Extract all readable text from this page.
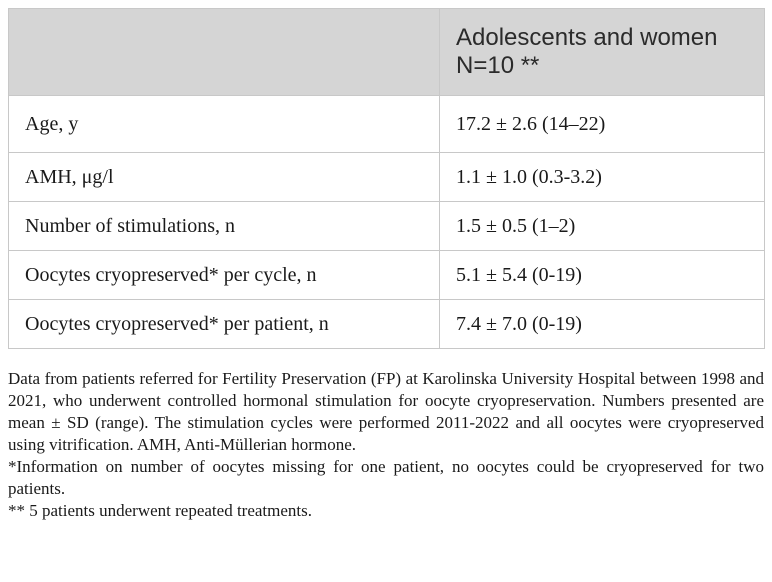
	Adolescents and women
N=10 **

Age, y	17.2 ± 2.6 (14–22)
AMH, μg/l	1.1 ± 1.0 (0.3-3.2)
Number of stimulations, n	1.5 ± 0.5 (1–2)
Oocytes cryopreserved* per cycle, n	5.1 ± 5.4 (0-19)
Oocytes cryopreserved* per patient, n	7.4 ± 7.0 (0-19)

Data from patients referred for Fertility Preservation (FP) at Karolinska University Hospital between 1998 and 2021, who underwent controlled hormonal stimulation for oocyte cryopreservation. Numbers presented are mean ± SD (range). The stimulation cycles were performed 2011-2022 and all oocytes were cryopreserved using vitrification. AMH, Anti-Müllerian hormone.

*Information on number of oocytes missing for one patient, no oocytes could be cryopreserved for two patients.

** 5 patients underwent repeated treatments.
